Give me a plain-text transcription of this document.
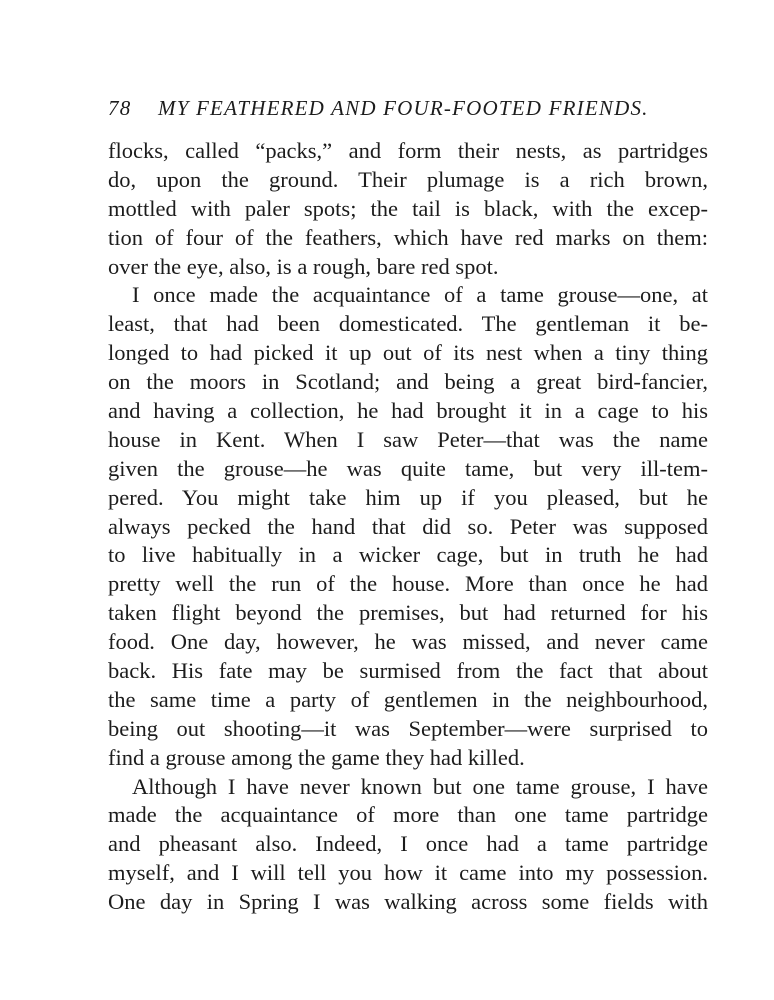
78 MY FEATHERED AND FOUR-FOOTED FRIENDS.
flocks, called “packs,” and form their nests, as partridges
do, upon the ground. Their plumage is a rich brown,
mottled with paler spots; the tail is black, with the excep-
tion of four of the feathers, which have red marks on them:
over the eye, also, is a rough, bare red spot.
I once made the acquaintance of a tame grouse—one, at
least, that had been domesticated. The gentleman it be-
longed to had picked it up out of its nest when a tiny thing
on the moors in Scotland; and being a great bird-fancier,
and having a collection, he had brought it in a cage to his
house in Kent. When I saw Peter—that was the name
given the grouse—he was quite tame, but very ill-tem-
pered. You might take him up if you pleased, but he
always pecked the hand that did so. Peter was supposed
to live habitually in a wicker cage, but in truth he had
pretty well the run of the house. More than once he had
taken flight beyond the premises, but had returned for his
food. One day, however, he was missed, and never came
back. His fate may be surmised from the fact that about
the same time a party of gentlemen in the neighbourhood,
being out shooting—it was September—were surprised to
find a grouse among the game they had killed.
Although I have never known but one tame grouse, I have
made the acquaintance of more than one tame partridge
and pheasant also. Indeed, I once had a tame partridge
myself, and I will tell you how it came into my possession.
One day in Spring I was walking across some fields with
